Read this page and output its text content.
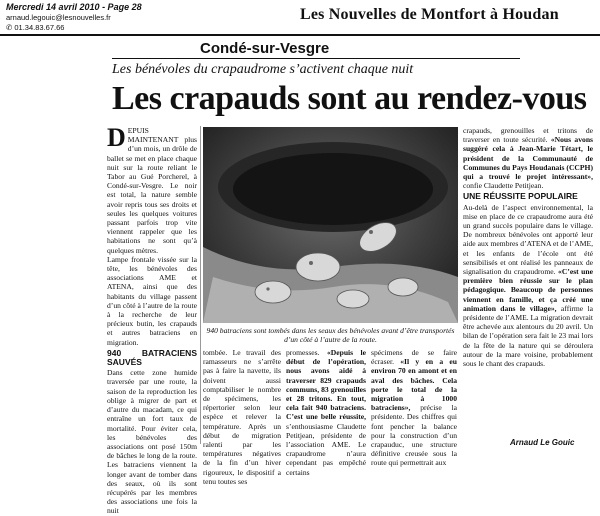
Mercredi 14 avril 2010 - Page 28
arnaud.legouic@lesnouvelles.fr
✆ 01.34.83.67.66
Les Nouvelles de Montfort à Houdan
Condé-sur-Vesgre
Les bénévoles du crapaudrome s’activent chaque nuit
Les crapauds sont au rendez-vous

DEPUIS MAINTENANT plus d’un mois, un drôle de ballet se met en place chaque nuit sur la route reliant le Tabor au Gué Porcherel, à Condé-sur-Vesgre. Le noir est total, la nature semble avoir repris tous ses droits et seules les quelques voitures passant parfois trop vite viennent rappeler que les habitations ne sont qu’à quelques mètres.

Lampe frontale vissée sur la tête, les bénévoles des associations AME et ATENA, ainsi que des habitants du village passent d’un côté à l’autre de la route à la recherche de leur précieux butin, les crapauds et autres batraciens en migration.

940 BATRACIENS SAUVÉS

Dans cette zone humide traversée par une route, la saison de la reproduction les oblige à migrer de part et d’autre du macadam, ce qui entraîne un fort taux de mortalité. Pour éviter cela, les bénévoles des associations ont posé 150m de bâches le long de la route. Les batraciens viennent la longer avant de tomber dans des seaux, où ils sont récupérés par les membres des associations une fois la nuit

940 batraciens sont tombés dans les seaux des bénévoles avant d’être transportés d’un côté à l’autre de la route.

tombée. Le travail des ramasseurs ne s’arrête pas à faire la navette, ils doivent aussi comptabiliser le nombre de spécimens, les répertorier selon leur espèce et relever la température. Après un début de migration ralenti par les températures négatives de la fin d’un hiver rigoureux, le dispositif a tenu toutes ses

promesses. «Depuis le début de l’opération, nous avons aidé à traverser 829 crapauds communs, 83 grenouilles et 28 tritons. En tout, cela fait 940 batraciens. C’est une belle réussite, s’enthousiasme Claudette Petitjean, présidente de l’association AME. Le crapaudrome n’aura cependant pas empêché certains

spécimens de se faire écraser. «Il y en a eu environ 70 en amont et en aval des bâches. Cela porte le total de la migration à 1000 batraciens», précise la présidente. Des chiffres qui font pencher la balance pour la construction d’un crapauduc, une structure définitive creusée sous la route qui permettrait aux

crapauds, grenouilles et tritons de traverser en toute sécurité. «Nous avons suggéré cela à Jean-Marie Tétart, le président de la Communauté de Communes du Pays Houdanais (CCPH) qui a trouvé le projet intéressant», confie Claudette Petitjean.

UNE RÉUSSITE POPULAIRE

Au-delà de l’aspect environnemental, la mise en place de ce crapaudrome aura été un grand succès populaire dans le village. De nombreux bénévoles ont apporté leur aide aux membres d’ATENA et de l’AME, et les enfants de l’école ont été sensibilisés et ont réalisé les panneaux de signalisation du crapaudrome. «C’est une première bien réussie sur le plan pédagogique. Beaucoup de personnes viennent en famille, et ça créé une animation dans le village», affirme la présidente de l’AME. La migration devrait être achevée aux alentours du 20 avril. Un bilan de l’opération sera fait le 23 mai lors de la fête de la nature qui se déroulera autour de la mare voisine, probablement sous le chant des crapauds.

Arnaud Le Gouic
